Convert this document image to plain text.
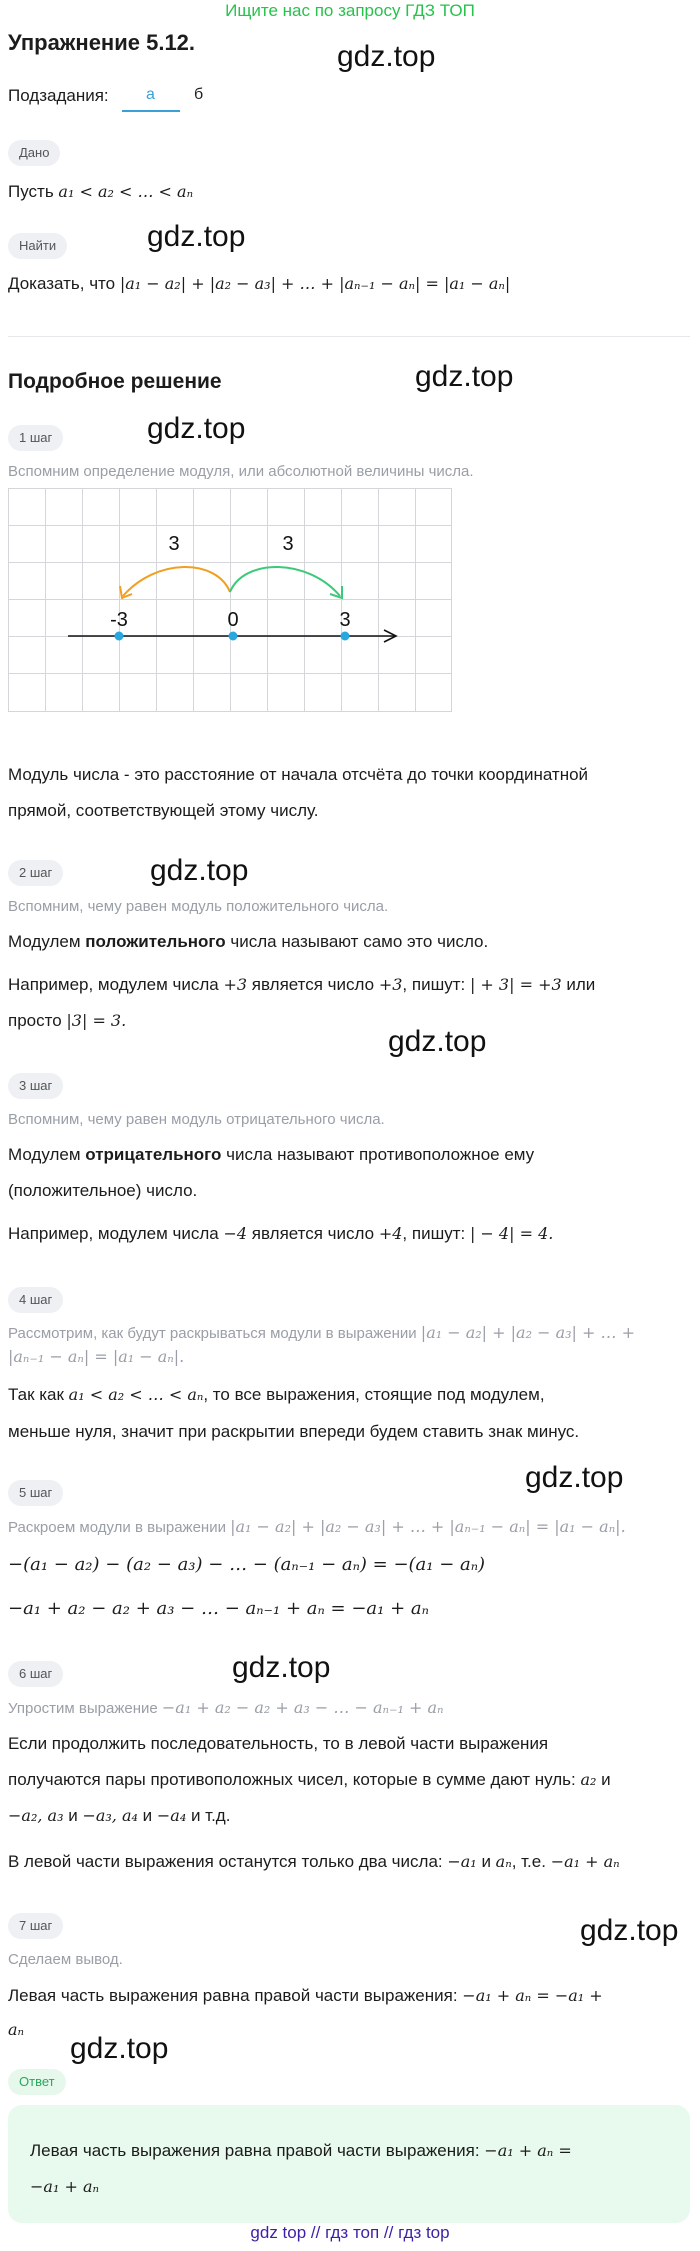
Ищите нас по запросу ГДЗ ТОП
Упражнение 5.12.	gdz.top
gdz.top
gdz.top
gdz.top
gdz.top
gdz.top
gdz.top
gdz.top
gdz.top
gdz.top
Подзадания: а б
Дано
Пусть a₁ < a₂ < … < aₙ
Найти
Доказать, что |a₁ − a₂| + |a₂ − a₃| + … + |aₙ₋₁ − aₙ| = |a₁ − aₙ|
Подробное решение
1 шаг
Вспомним определение модуля, или абсолютной величины числа.
3	3
-3	0	3
Модуль числа - это расстояние от начала отсчёта до точки координатной
прямой, соответствующей этому числу.
2 шаг
Вспомним, чему равен модуль положительного числа.
Модулем положительного числа называют само это число.
Например, модулем числа +3 является число +3, пишут: | + 3| = +3 или
просто |3| = 3.
3 шаг
Вспомним, чему равен модуль отрицательного числа.
Модулем отрицательного числа называют противоположное ему
(положительное) число.
Например, модулем числа −4 является число +4, пишут: | − 4| = 4.
4 шаг
Рассмотрим, как будут раскрываться модули в выражении |a₁ − a₂| + |a₂ − a₃| + … +
|aₙ₋₁ − aₙ| = |a₁ − aₙ|.
Так как a₁ < a₂ < … < aₙ, то все выражения, стоящие под модулем,
меньше нуля, значит при раскрытии впереди будем ставить знак минус.
5 шаг
Раскроем модули в выражении |a₁ − a₂| + |a₂ − a₃| + … + |aₙ₋₁ − aₙ| = |a₁ − aₙ|.
−(a₁ − a₂) − (a₂ − a₃) − … − (aₙ₋₁ − aₙ) = −(a₁ − aₙ)
−a₁ + a₂ − a₂ + a₃ − … − aₙ₋₁ + aₙ = −a₁ + aₙ
6 шаг
Упростим выражение −a₁ + a₂ − a₂ + a₃ − … − aₙ₋₁ + aₙ
Если продолжить последовательность, то в левой части выражения
получаются пары противоположных чисел, которые в сумме дают нуль: a₂ и
−a₂, a₃ и −a₃, a₄ и −a₄ и т.д.
В левой части выражения останутся только два числа: −a₁ и aₙ, т.е. −a₁ + aₙ
7 шаг
Сделаем вывод.
Левая часть выражения равна правой части выражения: −a₁ + aₙ = −a₁ +
aₙ
Ответ
Левая часть выражения равна правой части выражения: −a₁ + aₙ =
−a₁ + aₙ
gdz top // гдз топ // гдз top
